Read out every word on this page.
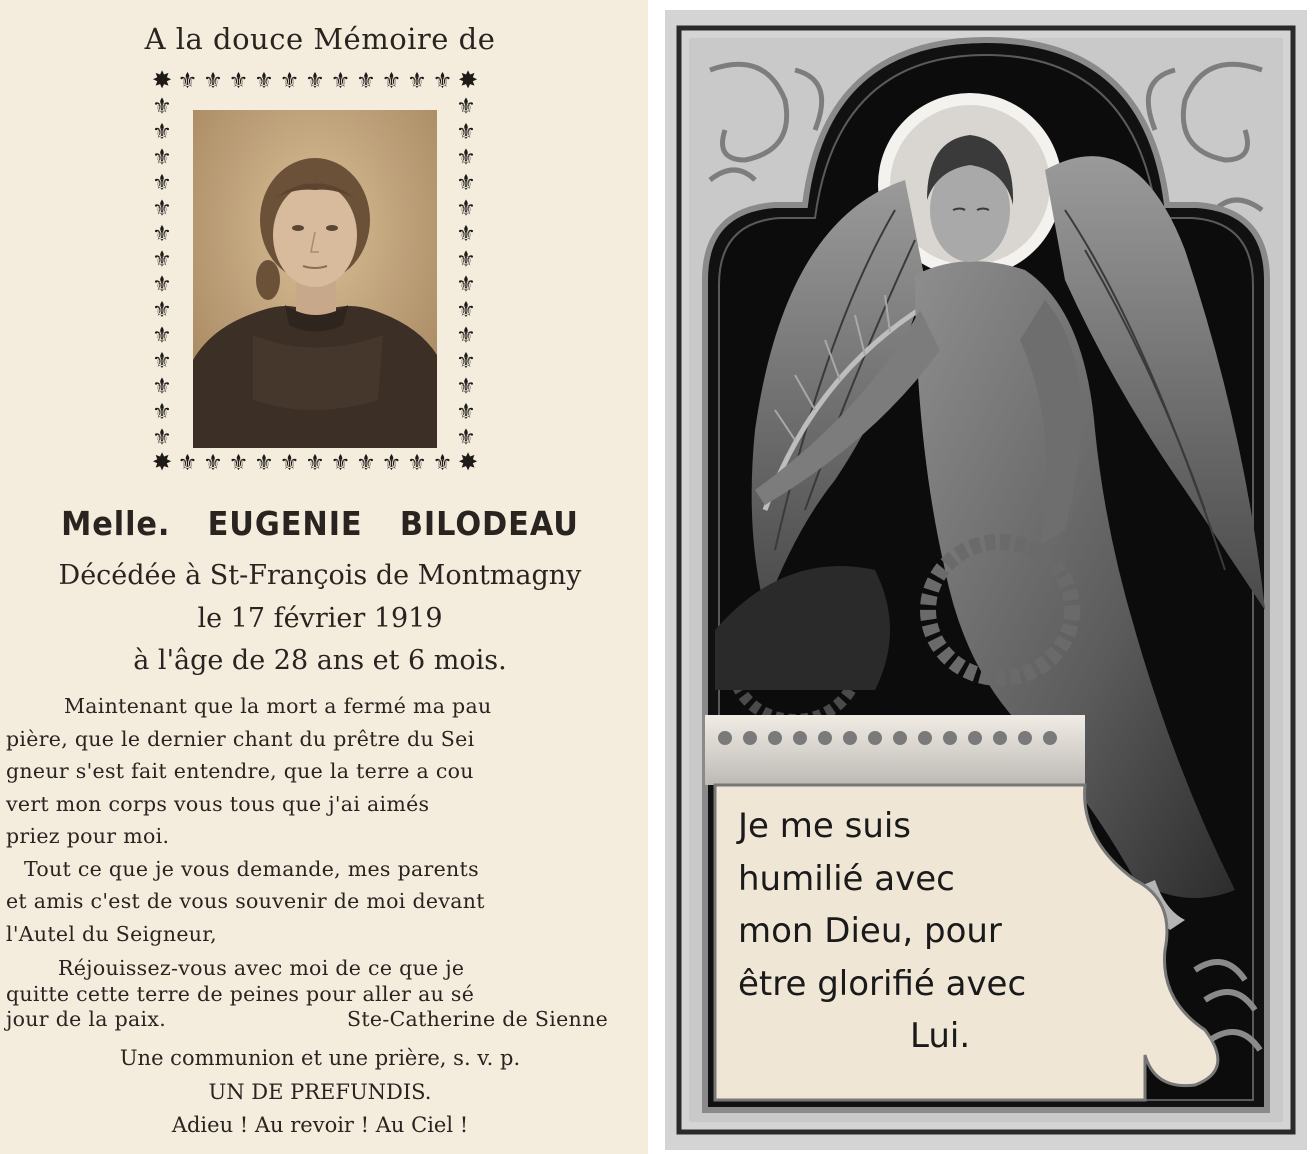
A la douce Mémoire de
✸
✸
⚜
⚜
⚜
⚜
⚜
⚜
⚜
⚜
⚜
⚜
⚜
⚜
⚜
⚜
⚜
⚜
⚜
⚜
⚜
⚜
⚜
⚜
✸
✸
⚜	⚜
⚜	⚜
⚜	⚜
⚜	⚜
⚜	⚜
⚜	⚜
⚜	⚜
⚜	⚜
⚜	⚜
⚜	⚜
⚜	⚜
⚜	⚜
⚜	⚜
⚜	⚜
Melle. EUGENIE BILODEAU
Décédée à St-François de Montmagny
le 17 février 1919
à l'âge de 28 ans et 6 mois.

Maintenant que la mort a fermé ma pau

pière, que le dernier chant du prêtre du Sei

gneur s'est fait entendre, que la terre a cou

vert mon corps vous tous que j'ai aimés

priez pour moi.

Tout ce que je vous demande, mes parents

et amis c'est de vous souvenir de moi devant

l'Autel du Seigneur,

Réjouissez-vous avec moi de ce que je

quitte cette terre de peines pour aller au sé

jour de la paix.	Ste-Catherine de Sienne
Une communion et une prière, s. v. p.
UN DE PREFUNDIS.
Adieu ! Au revoir ! Au Ciel !
Je me suis
humilié avec
mon Dieu, pour
être glorifié avec
Lui.
